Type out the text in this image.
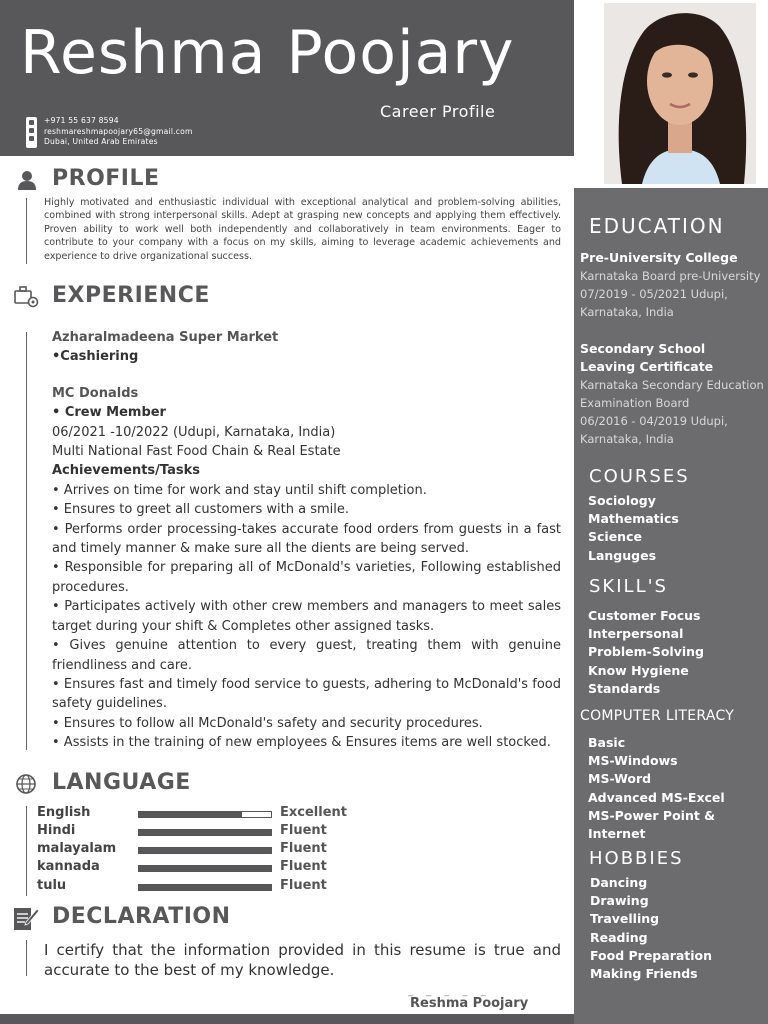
Reshma Poojary
Career Profile
+971 55 637 8594
reshmareshmapoojary65@gmail.com
Dubai, United Arab Emirates
EDUCATION
Pre-University College
Karnataka Board pre-University
07/2019 - 05/2021 Udupi,
Karnataka, India
Secondary School Leaving Certificate
Karnataka Secondary Education
Examination Board
06/2016 - 04/2019 Udupi,
Karnataka, India
COURSES
Sociology
Mathematics
Science
Languges
SKILL'S
Customer Focus
Interpersonal
Problem-Solving
Know Hygiene
Standards
COMPUTER LITERACY
Basic
MS-Windows
MS-Word
Advanced MS-Excel
MS-Power Point & Internet
HOBBIES
Dancing
Drawing
Travelling
Reading
Food Preparation
Making Friends
PROFILE
Highly motivated and enthusiastic individual with exceptional analytical and problem-solving abilities, combined with strong interpersonal skills. Adept at grasping new concepts and applying them effectively. Proven ability to work well both independently and collaboratively in team environments. Eager to contribute to your company with a focus on my skills, aiming to leverage academic achievements and experience to drive organizational success.
EXPERIENCE
Azharalmadeena Super Market
•Cashiering
MC Donalds
• Crew Member
06/2021 -10/2022 (Udupi, Karnataka, India)
Multi National Fast Food Chain & Real Estate
Achievements/Tasks

• Arrives on time for work and stay until shift completion.

• Ensures to greet all customers with a smile.

• Performs order processing-takes accurate food orders from guests in a fast and timely manner & make sure all the dients are being served.

• Responsible for preparing all of McDonald's varieties, Following established procedures.

• Participates actively with other crew members and managers to meet sales target during your shift & Completes other assigned tasks.

• Gives genuine attention to every guest, treating them with genuine friendliness and care.

• Ensures fast and timely food service to guests, adhering to McDonald's food safety guidelines.

• Ensures to follow all McDonald's safety and security procedures.

• Assists in the training of new employees & Ensures items are well stocked.

LANGUAGE
English	Excellent
Hindi	Fluent
malayalam	Fluent
kannada	Fluent
tulu	Fluent
DECLARATION
I certify that the information provided in this resume is true and accurate to the best of my knowledge.
_ _ _ _ _
Reshma Poojary
